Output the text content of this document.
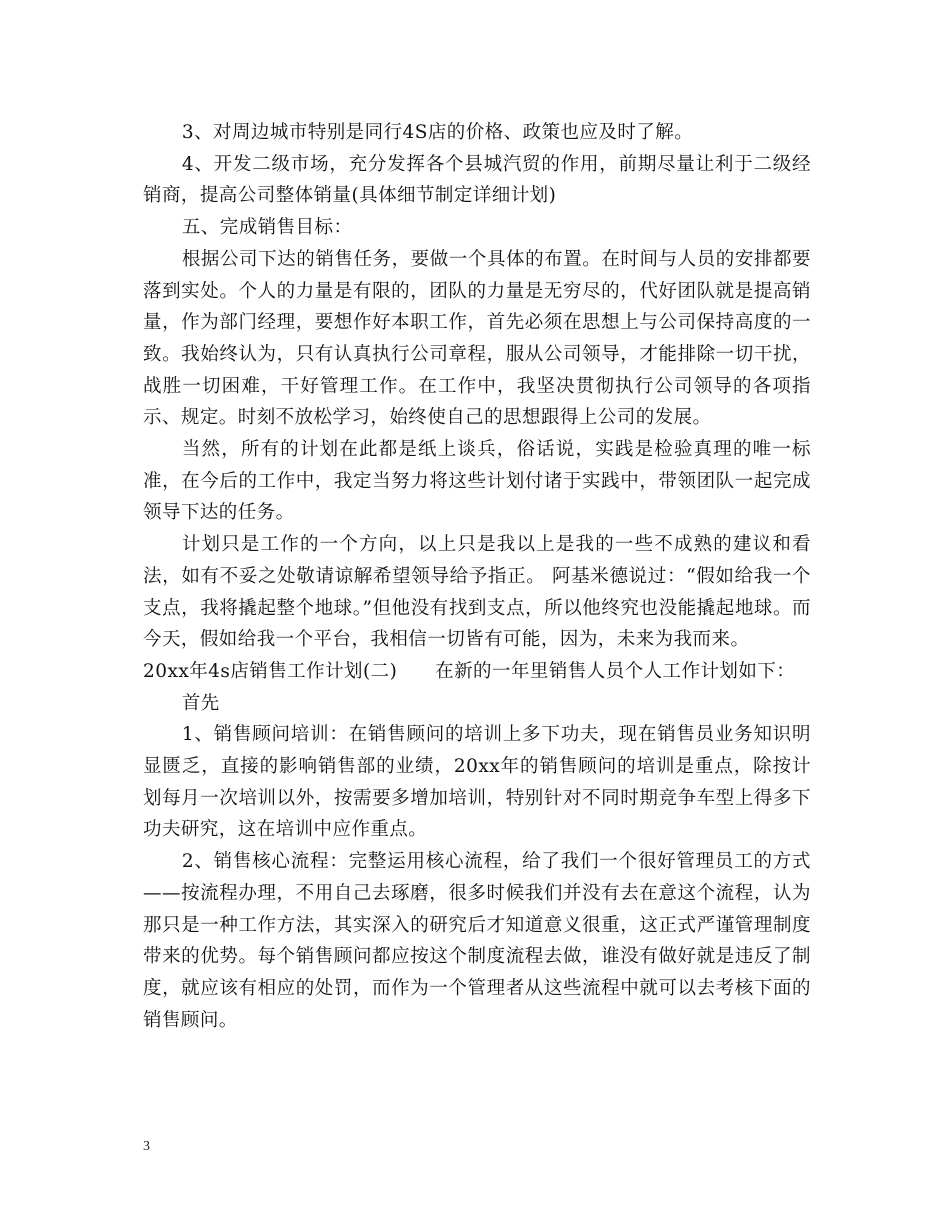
3、对周边城市特别是同行4S店的价格、政策也应及时了解。

4、开发二级市场，充分发挥各个县城汽贸的作用，前期尽量让利于二级经销商，提高公司整体销量(具体细节制定详细计划)

五、完成销售目标：

根据公司下达的销售任务，要做一个具体的布置。在时间与人员的安排都要落到实处。个人的力量是有限的，团队的力量是无穷尽的，代好团队就是提高销量，作为部门经理，要想作好本职工作，首先必须在思想上与公司保持高度的一致。我始终认为，只有认真执行公司章程，服从公司领导，才能排除一切干扰，战胜一切困难，干好管理工作。在工作中，我坚决贯彻执行公司领导的各项指示、规定。时刻不放松学习，始终使自己的思想跟得上公司的发展。

当然，所有的计划在此都是纸上谈兵，俗话说，实践是检验真理的唯一标准，在今后的工作中，我定当努力将这些计划付诸于实践中，带领团队一起完成领导下达的任务。

计划只是工作的一个方向，以上只是我以上是我的一些不成熟的建议和看法，如有不妥之处敬请谅解希望领导给予指正。 阿基米德说过：“假如给我一个支点，我将撬起整个地球。”但他没有找到支点，所以他终究也没能撬起地球。而今天，假如给我一个平台，我相信一切皆有可能，因为，未来为我而来。

20xx年4s店销售工作计划(二)　　在新的一年里销售人员个人工作计划如下：

首先

1、销售顾问培训：在销售顾问的培训上多下功夫，现在销售员业务知识明显匮乏，直接的影响销售部的业绩，20xx年的销售顾问的培训是重点，除按计划每月一次培训以外，按需要多增加培训，特别针对不同时期竞争车型上得多下功夫研究，这在培训中应作重点。

2、销售核心流程：完整运用核心流程，给了我们一个很好管理员工的方式——按流程办理，不用自己去琢磨，很多时候我们并没有去在意这个流程，认为那只是一种工作方法，其实深入的研究后才知道意义很重，这正式严谨管理制度带来的优势。每个销售顾问都应按这个制度流程去做，谁没有做好就是违反了制度，就应该有相应的处罚，而作为一个管理者从这些流程中就可以去考核下面的销售顾问。

3
